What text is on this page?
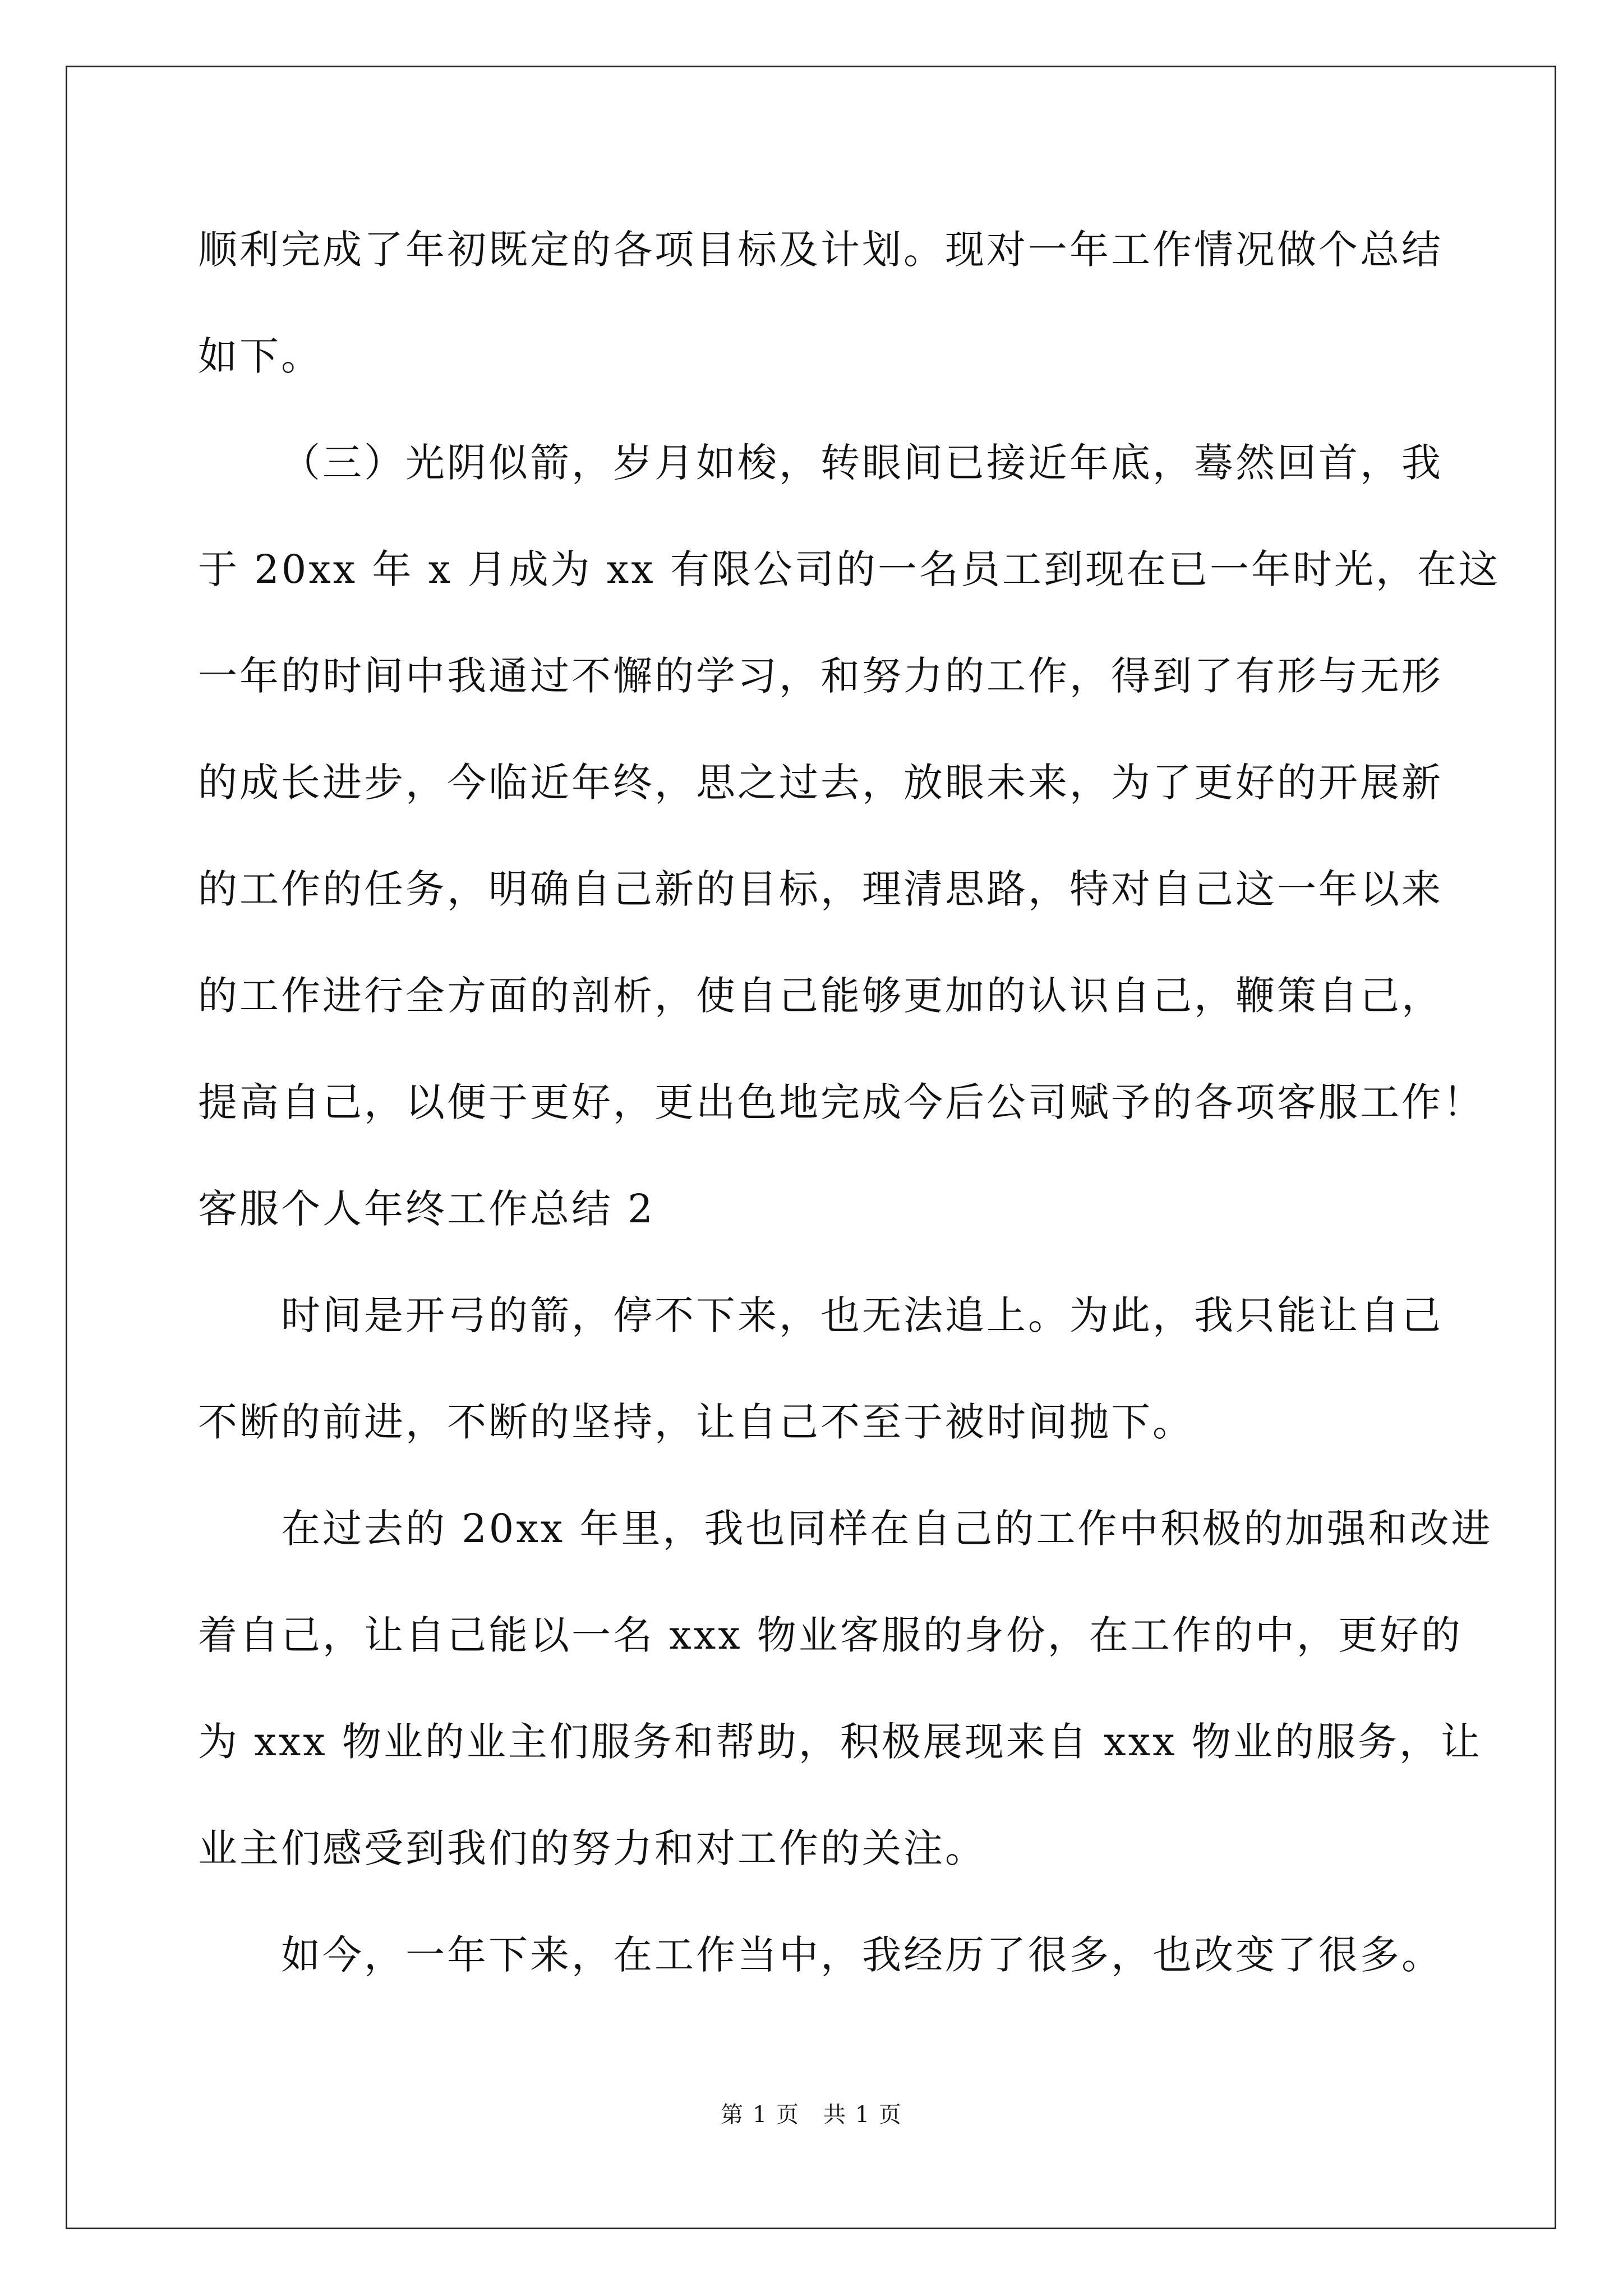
顺利完成了年初既定的各项目标及计划。现对一年工作情况做个总结
如下。
（三）光阴似箭，岁月如梭，转眼间已接近年底，蓦然回首，我
于 20xx 年 x 月成为 xx 有限公司的一名员工到现在已一年时光，在这
一年的时间中我通过不懈的学习，和努力的工作，得到了有形与无形
的成长进步，今临近年终，思之过去，放眼未来，为了更好的开展新
的工作的任务，明确自己新的目标，理清思路，特对自己这一年以来
的工作进行全方面的剖析，使自己能够更加的认识自己，鞭策自己，
提高自己，以便于更好，更出色地完成今后公司赋予的各项客服工作！
客服个人年终工作总结 2
时间是开弓的箭，停不下来，也无法追上。为此，我只能让自己
不断的前进，不断的坚持，让自己不至于被时间抛下。
在过去的 20xx 年里，我也同样在自己的工作中积极的加强和改进
着自己，让自己能以一名 xxx 物业客服的身份，在工作的中，更好的
为 xxx 物业的业主们服务和帮助，积极展现来自 xxx 物业的服务，让
业主们感受到我们的努力和对工作的关注。
如今，一年下来，在工作当中，我经历了很多，也改变了很多。
第 1 页　共 1 页
